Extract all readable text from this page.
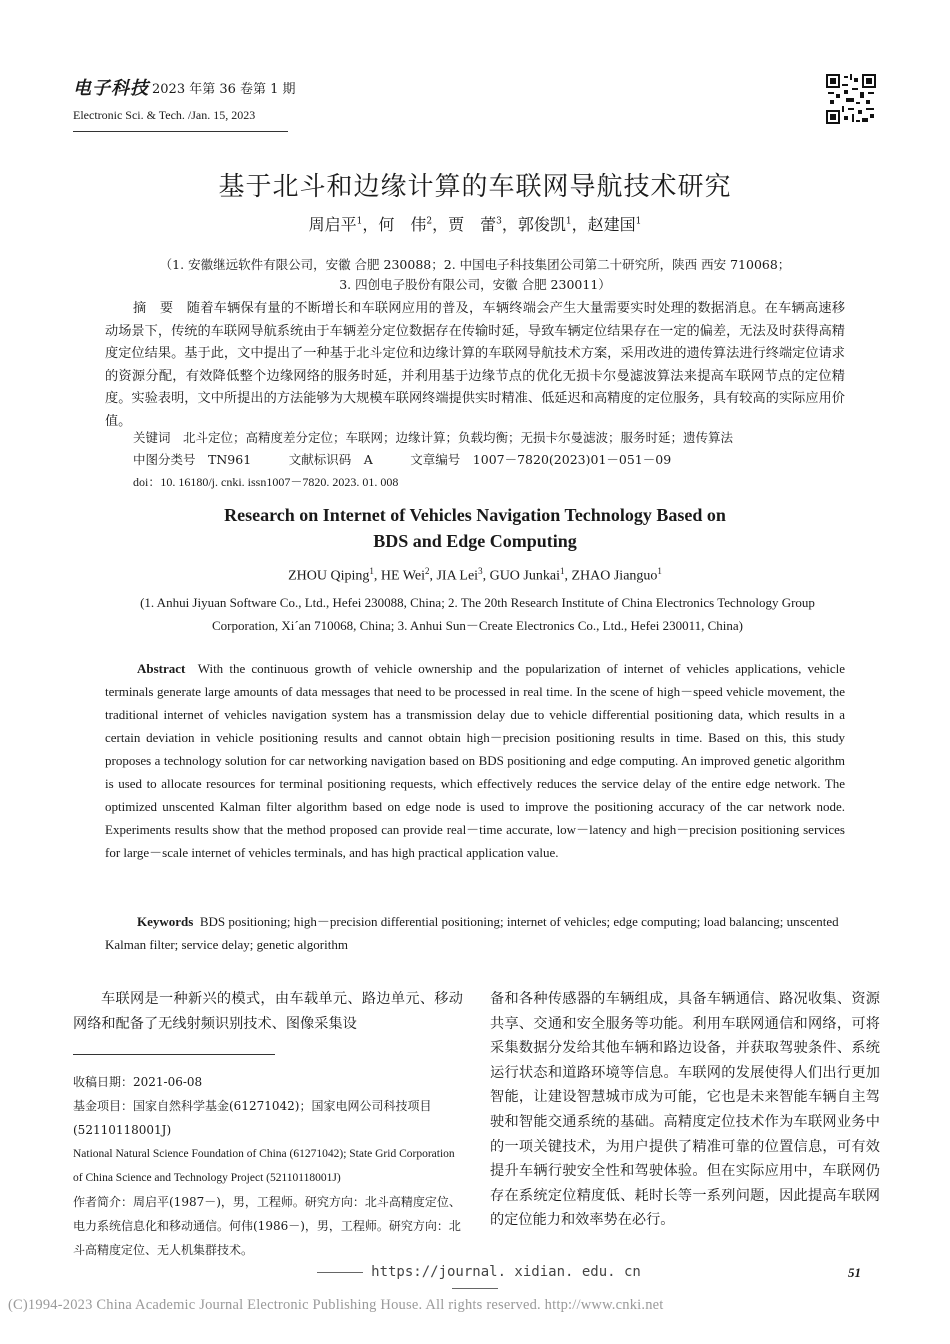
电子科技 2023 年第 36 卷第 1 期
Electronic Sci. & Tech. /Jan. 15, 2023
基于北斗和边缘计算的车联网导航技术研究
周启平$^1$，何　伟$^2$，贾　蕾$^3$，郭俊凯$^1$，赵建国$^1$
（1. 安徽继远软件有限公司，安徽 合肥 230088；2. 中国电子科技集团公司第二十研究所，陕西 西安 710068；
3. 四创电子股份有限公司，安徽 合肥 230011）
摘　要　 随着车辆保有量的不断增长和车联网应用的普及，车辆终端会产生大量需要实时处理的数据消息。在车辆高速移动场景下，传统的车联网导航系统由于车辆差分定位数据存在传输时延，导致车辆定位结果存在一定的偏差，无法及时获得高精度定位结果。基于此，文中提出了一种基于北斗定位和边缘计算的车联网导航技术方案，采用改进的遗传算法进行终端定位请求的资源分配，有效降低整个边缘网络的服务时延，并利用基于边缘节点的优化无损卡尔曼滤波算法来提高车联网节点的定位精度。实验表明，文中所提出的方法能够为大规模车联网终端提供实时精准、低延迟和高精度的定位服务，具有较高的实际应用价值。
关键词　 北斗定位；高精度差分定位；车联网；边缘计算；负载均衡；无损卡尔曼滤波；服务时延；遗传算法
中图分类号　 TN961　　　	文献标识码　 A　　　	文章编号　 1007－7820(2023)01－051－09
doi：10. 16180/j. cnki. issn1007－7820. 2023. 01. 008
Research on Internet of Vehicles Navigation Technology Based on
BDS and Edge Computing
ZHOU Qiping$^1$, HE Wei$^2$, JIA Lei$^3$, GUO Junkai$^1$, ZHAO Jianguo$^1$
(1. Anhui Jiyuan Software Co., Ltd., Hefei 230088, China; 2. The 20th Research Institute of China Electronics Technology Group Corporation, Xi´an 710068, China; 3. Anhui Sun－Create Electronics Co., Ltd., Hefei 230011, China)
Abstract With the continuous growth of vehicle ownership and the popularization of internet of vehicles applications, vehicle terminals generate large amounts of data messages that need to be processed in real time. In the scene of high－speed vehicle movement, the traditional internet of vehicles navigation system has a transmission delay due to vehicle differential positioning data, which results in a certain deviation in vehicle positioning results and cannot obtain high－precision positioning results in time. Based on this, this study proposes a technology solution for car networking navigation based on BDS positioning and edge computing. An improved genetic algorithm is used to allocate resources for terminal positioning requests, which effectively reduces the service delay of the entire edge network. The optimized unscented Kalman filter algorithm based on edge node is used to improve the positioning accuracy of the car network node. Experiments results show that the method proposed can provide real－time accurate, low－latency and high－precision positioning services for large－scale internet of vehicles terminals, and has high practical application value.
Keywords BDS positioning; high－precision differential positioning; internet of vehicles; edge computing; load balancing; unscented Kalman filter; service delay; genetic algorithm
车联网是一种新兴的模式，由车载单元、路边单元、移动网络和配备了无线射频识别技术、图像采集设
收稿日期：2021-06-08
基金项目：国家自然科学基金(61271042)；国家电网公司科技项目(52110118001J)
National Natural Science Foundation of China (61271042); State Grid Corporation of China Science and Technology Project (52110118001J)
作者简介：周启平(1987－)，男，工程师。研究方向：北斗高精度定位、电力系统信息化和移动通信。何伟(1986－)，男，工程师。研究方向：北斗高精度定位、无人机集群技术。
备和各种传感器的车辆组成，具备车辆通信、路况收集、资源共享、交通和安全服务等功能。利用车联网通信和网络，可将采集数据分发给其他车辆和路边设备，并获取驾驶条件、系统运行状态和道路环境等信息。车联网的发展使得人们出行更加智能，让建设智慧城市成为可能，它也是未来智能车辆自主驾驶和智能交通系统的基础。高精度定位技术作为车联网业务中的一项关键技术，为用户提供了精准可靠的位置信息，可有效提升车辆行驶安全性和驾驶体验。但在实际应用中，车联网仍存在系统定位精度低、耗时长等一系列问题，因此提高车联网的定位能力和效率势在必行。
https://journal. xidian. edu. cn	51
(C)1994-2023 China Academic Journal Electronic Publishing House. All rights reserved. http://www.cnki.net
